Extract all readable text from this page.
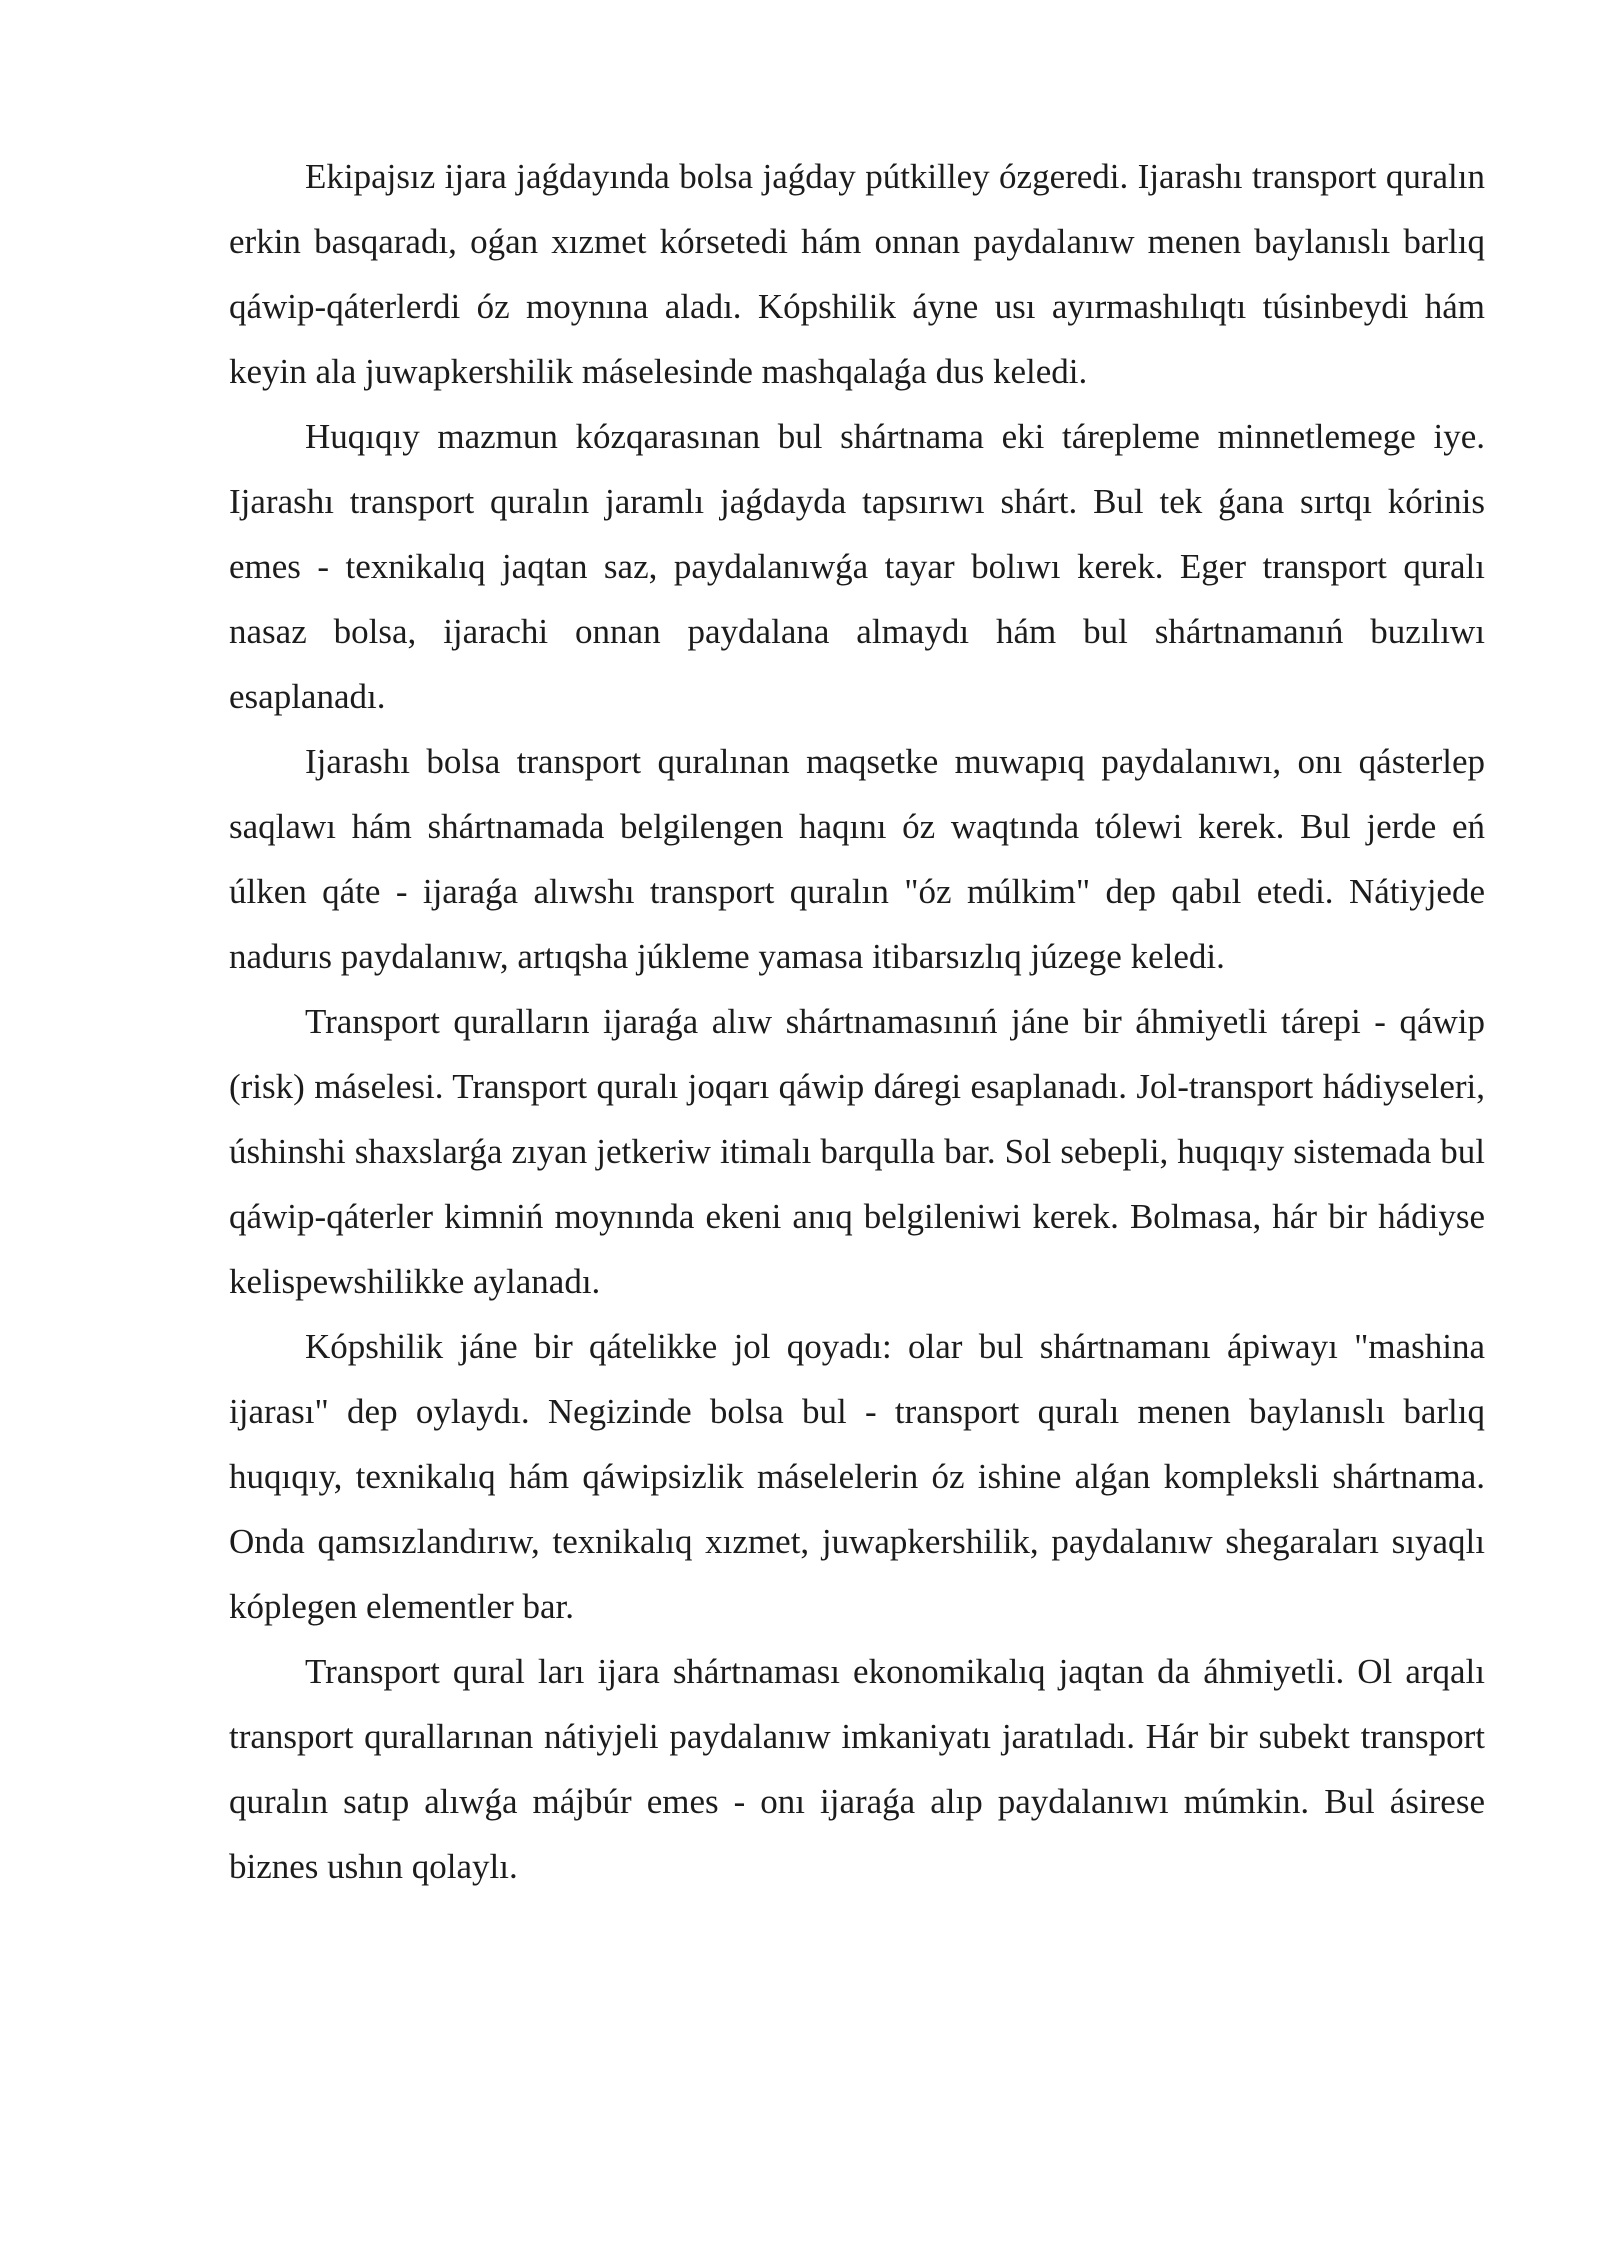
Ekipajsız ijara jaǵdayında bolsa jaǵday pútkilley ózgeredi. Ijarashı transport quralın erkin basqaradı, oǵan xızmet kórsetedi hám onnan paydalanıw menen baylanıslı barlıq qáwip-qáterlerdi óz moynına aladı. Kópshilik áyne usı ayırmashılıqtı túsinbeydi hám keyin ala juwapkershilik máselesinde mashqalaǵa dus keledi.

Huqıqıy mazmun kózqarasınan bul shártnama eki tárepleme minnetlemege iye. Ijarashı transport quralın jaramlı jaǵdayda tapsırıwı shárt. Bul tek ǵana sırtqı kórinis emes - texnikalıq jaqtan saz, paydalanıwǵa tayar bolıwı kerek. Eger transport quralı nasaz bolsa, ijarachi onnan paydalana almaydı hám bul shártnamanıń buzılıwı esaplanadı.

Ijarashı bolsa transport quralınan maqsetke muwapıq paydalanıwı, onı qásterlep saqlawı hám shártnamada belgilengen haqını óz waqtında tólewi kerek. Bul jerde eń úlken qáte - ijaraǵa alıwshı transport quralın "óz múlkim" dep qabıl etedi. Nátiyjede nadurıs paydalanıw, artıqsha júkleme yamasa itibarsızlıq júzege keledi.

Transport quralların ijaraǵa alıw shártnamasınıń jáne bir áhmiyetli tárepi - qáwip (risk) máselesi. Transport quralı joqarı qáwip dáregi esaplanadı. Jol-transport hádiyseleri, úshinshi shaxslarǵa zıyan jetkeriw itimalı barqulla bar. Sol sebepli, huqıqıy sistemada bul qáwip-qáterler kimniń moynında ekeni anıq belgileniwi kerek. Bolmasa, hár bir hádiyse kelispewshilikke aylanadı.

Kópshilik jáne bir qátelikke jol qoyadı: olar bul shártnamanı ápiwayı "mashina ijarası" dep oylaydı. Negizinde bolsa bul - transport quralı menen baylanıslı barlıq huqıqıy, texnikalıq hám qáwipsizlik máselelerin óz ishine alǵan kompleksli shártnama. Onda qamsızlandırıw, texnikalıq xızmet, juwapkershilik, paydalanıw shegaraları sıyaqlı kóplegen elementler bar.

Transport qural ları ijara shártnaması ekonomikalıq jaqtan da áhmiyetli. Ol arqalı transport qurallarınan nátiyjeli paydalanıw imkaniyatı jaratıladı. Hár bir subekt transport quralın satıp alıwǵa májbúr emes - onı ijaraǵa alıp paydalanıwı múmkin. Bul ásirese biznes ushın qolaylı.
